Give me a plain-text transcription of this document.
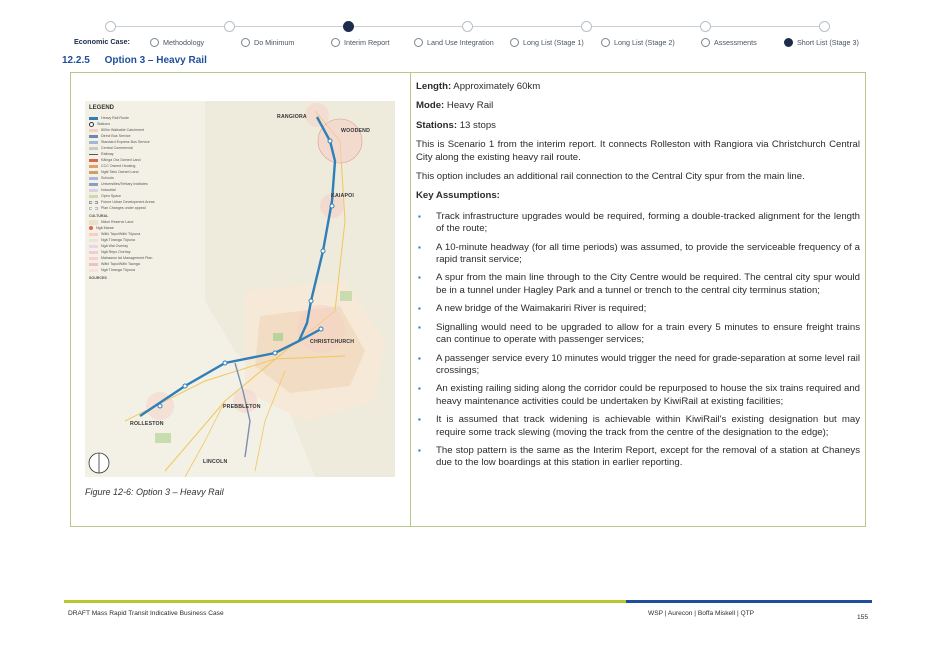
Economic Case:	Methodology	Do Minimum	Interim Report	Land Use Integration	Long List (Stage 1)	Long List (Stage 2)	Assessments	Short List (Stage 3)
12.2.5 Option 3 – Heavy Rail
LEGEND
Heavy Rail Route
Stations
800m Walkable Catchment
Direct Bus Service
Standard Express Bus Service
Central Commercial
Railway
Kāinga Ora Owned Land
CCC Owned Housing
Ngāi Tahu Owned Land
Schools
Universities/Tertiary Institutes
Industrial
Open Space
Future Urban Development Areas
Plan Changes under appeal
CULTURAL
Māori Reserve Land
Ngā Marae
Wāhi Tapu/Wāhi Tūpuna
Ngā Tūranga Tūpuna
Ngā Wai Overlay
Ngā Repo Overlay
Mahaanui Iwi Management Plan
Wāhi Tapu/Wāhi Taonga
Ngā Tūranga Tūpuna
SOURCES
RANGIORA
WOODEND
KAIAPOI
CHRISTCHURCH
ROLLESTON
PREBBLETON
LINCOLN
Figure 12-6: Option 3 – Heavy Rail
Length: Approximately 60km
Mode: Heavy Rail
Stations: 13 stops

This is Scenario 1 from the interim report. It connects Rolleston with Rangiora via Christchurch Central City along the existing heavy rail route.

This option includes an additional rail connection to the Central City spur from the main line.

Key Assumptions:
▪ Track infrastructure upgrades would be required, forming a double-tracked alignment for the length of the route;
▪ A 10-minute headway (for all time periods) was assumed, to provide the serviceable frequency of a rapid transit service;
▪ A spur from the main line through to the City Centre would be required. The central city spur would be in a tunnel under Hagley Park and a tunnel or trench to the central city terminus station;
▪ A new bridge of the Waimakariri River is required;
▪ Signalling would need to be upgraded to allow for a train every 5 minutes to ensure freight trains can continue to operate with passenger services;
▪ A passenger service every 10 minutes would trigger the need for grade-separation at some level rail crossings;
▪ An existing railing siding along the corridor could be repurposed to house the six trains required and heavy maintenance activities could be undertaken by KiwiRail at existing facilities;
▪ It is assumed that track widening is achievable within KiwiRail's existing designation but may require some track slewing (moving the track from the centre of the designation to the edge);
▪ The stop pattern is the same as the Interim Report, except for the removal of a station at Chaneys due to the low boardings at this station in earlier reporting.
DRAFT Mass Rapid Transit Indicative Business Case	WSP | Aurecon | Boffa Miskell | QTP
155
